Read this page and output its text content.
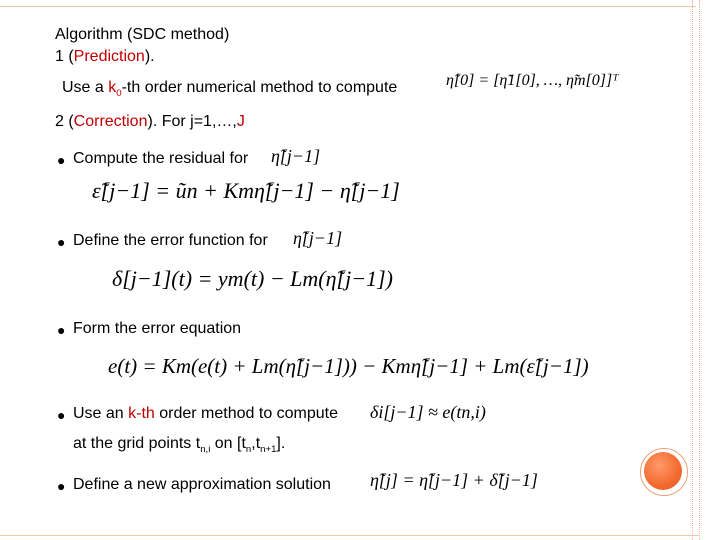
Algorithm (SDC method)
1 (Prediction).
Use a $k_0-th$ order numerical method to compute	η̃[0] = [η̃1[0], …, η̃m[0]]ᵀ
2 (Correction). For j=1,…,J
● Compute the residual for η̃[j−1]
ε̃[j−1] = ũn + Kmη̃[j−1] − η̃[j−1]
● Define the error function for η̃[j−1]
δ[j−1](t) = ym(t) − Lm(η̃[j−1])
● Form the error equation
e(t) = Km(e(t) + Lm(η̃[j−1])) − Kmη̃[j−1] + Lm(ε̃[j−1])
● Use an k-th order method to compute δi[j−1] ≈ e(tn,i)
at the grid points $t_{n,i}$ on $[t_n,t_{n+1}]$.
● Define a new approximation solution η̃[j] = η̃[j−1] + δ̃[j−1]
